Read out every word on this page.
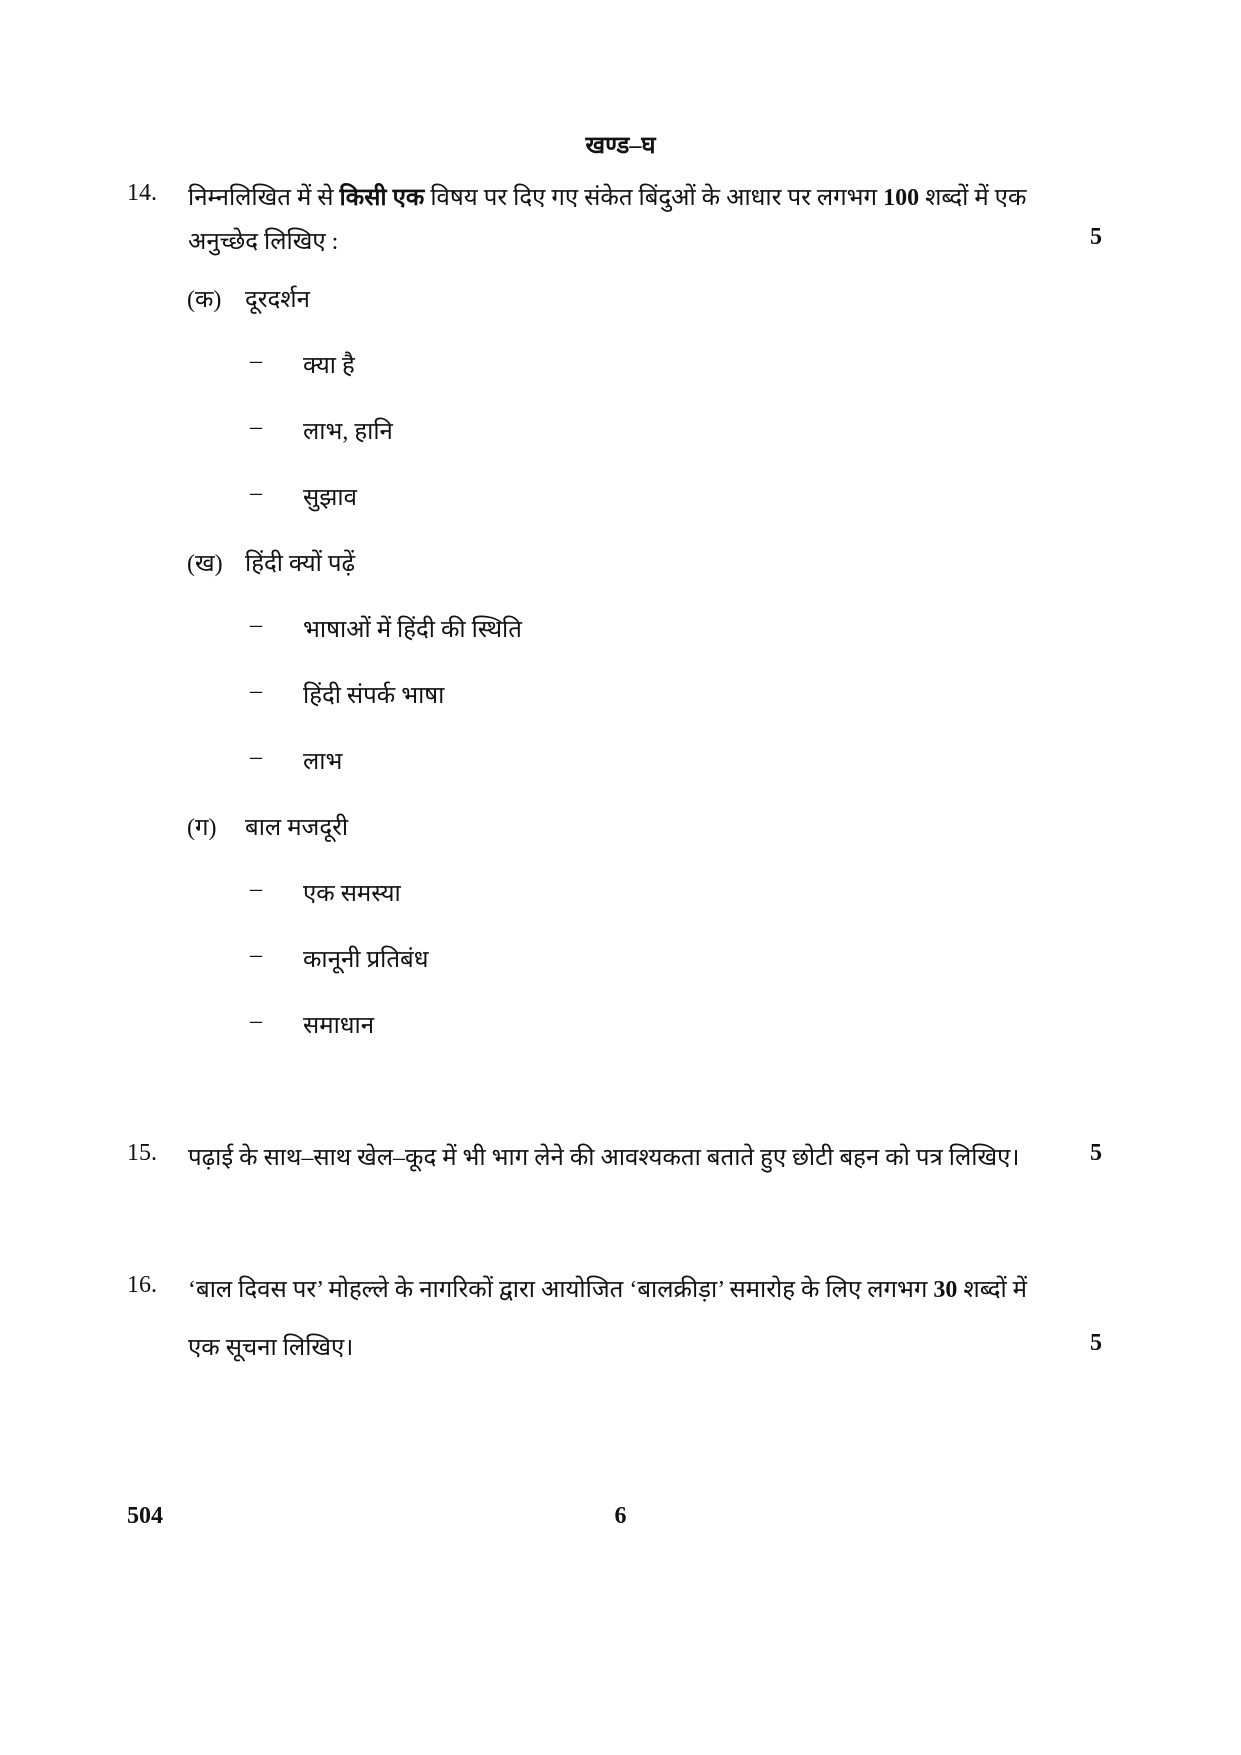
खण्ड–घ
14. निम्नलिखित में से किसी एक विषय पर दिए गए संकेत बिंदुओं के आधार पर लगभग 100 शब्दों में एक
अनुच्छेद लिखिए :	5
(क) दूरदर्शन
– क्या है
– लाभ, हानि
– सुझाव
(ख) हिंदी क्यों पढ़ें
– भाषाओं में हिंदी की स्थिति
– हिंदी संपर्क भाषा
– लाभ
(ग) बाल मजदूरी
– एक समस्या
– कानूनी प्रतिबंध
– समाधान
15. पढ़ाई के साथ–साथ खेल–कूद में भी भाग लेने की आवश्यकता बताते हुए छोटी बहन को पत्र लिखिए।	5
16. ‘बाल दिवस पर’ मोहल्ले के नागरिकों द्वारा आयोजित ‘बालक्रीड़ा’ समारोह के लिए लगभग 30 शब्दों में
एक सूचना लिखिए।	5
504	6
